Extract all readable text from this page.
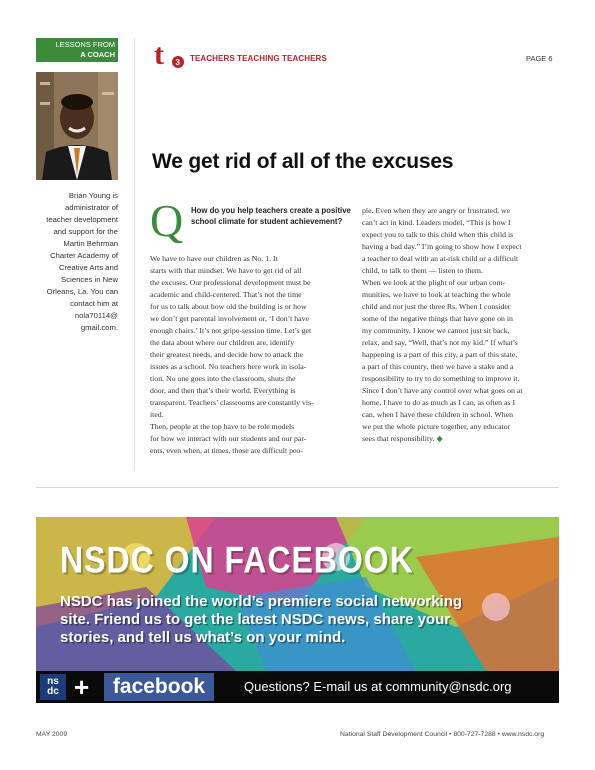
LESSONS FROM
A COACH
Brian Young is
administrator of
teacher development
and support for the
Martin Behrman
Charter Academy of
Creative Arts and
Sciences in New
Orleans, La. You can
contact him at
nola70114@
gmail.com.
t 3 TEACHERS TEACHING TEACHERS	PAGE 6
We get rid of all of the excuses
Q How do you help teachers create a positive school climate for student achievement?
We have to have our children as No. 1. It
starts with that mindset. We have to get rid of all
the excuses. Our professional development must be
academic and child-centered. That’s not the time
for us to talk about how old the building is or how
we don’t get parental involvement or, ‘I don’t have
enough chairs.’ It’s not gripe-session time. Let’s get
the data about where our children are, identify
their greatest needs, and decide how to attack the
issues as a school. No teachers here work in isola-
tion. No one goes into the classroom, shuts the
door, and then that’s their world. Everything is
transparent. Teachers’ classrooms are constantly vis-
ited.
Then, people at the top have to be role models
for how we interact with our students and our par-
ents, even when, at times, those are difficult peo-
ple. Even when they are angry or frustrated, we
can’t act in kind. Leaders model, “This is how I
expect you to talk to this child when this child is
having a bad day.” I’m going to show how I expect
a teacher to deal with an at-risk child or a difficult
child, to talk to them — listen to them.
When we look at the plight of our urban com-
munities, we have to look at teaching the whole
child and not just the three Rs. When I consider
some of the negative things that have gone on in
my community, I know we cannot just sit back,
relax, and say, “Well, that’s not my kid.” If what’s
happening is a part of this city, a part of this state,
a part of this country, then we have a stake and a
responsibility to try to do something to improve it.
Since I don’t have any control over what goes on at
home, I have to do as much as I can, as often as I
can, when I have these children in school. When
we put the whole picture together, any educator
sees that responsibility. ◆
NSDC ON FACEBOOK
NSDC has joined the world’s premiere social networking
site. Friend us to get the latest NSDC news, share your
stories, and tell us what’s on your mind.
ns
dc +	facebook	Questions? E-mail us at community@nsdc.org
MAY 2009	National Staff Development Council • 800-727-7288 • www.nsdc.org
